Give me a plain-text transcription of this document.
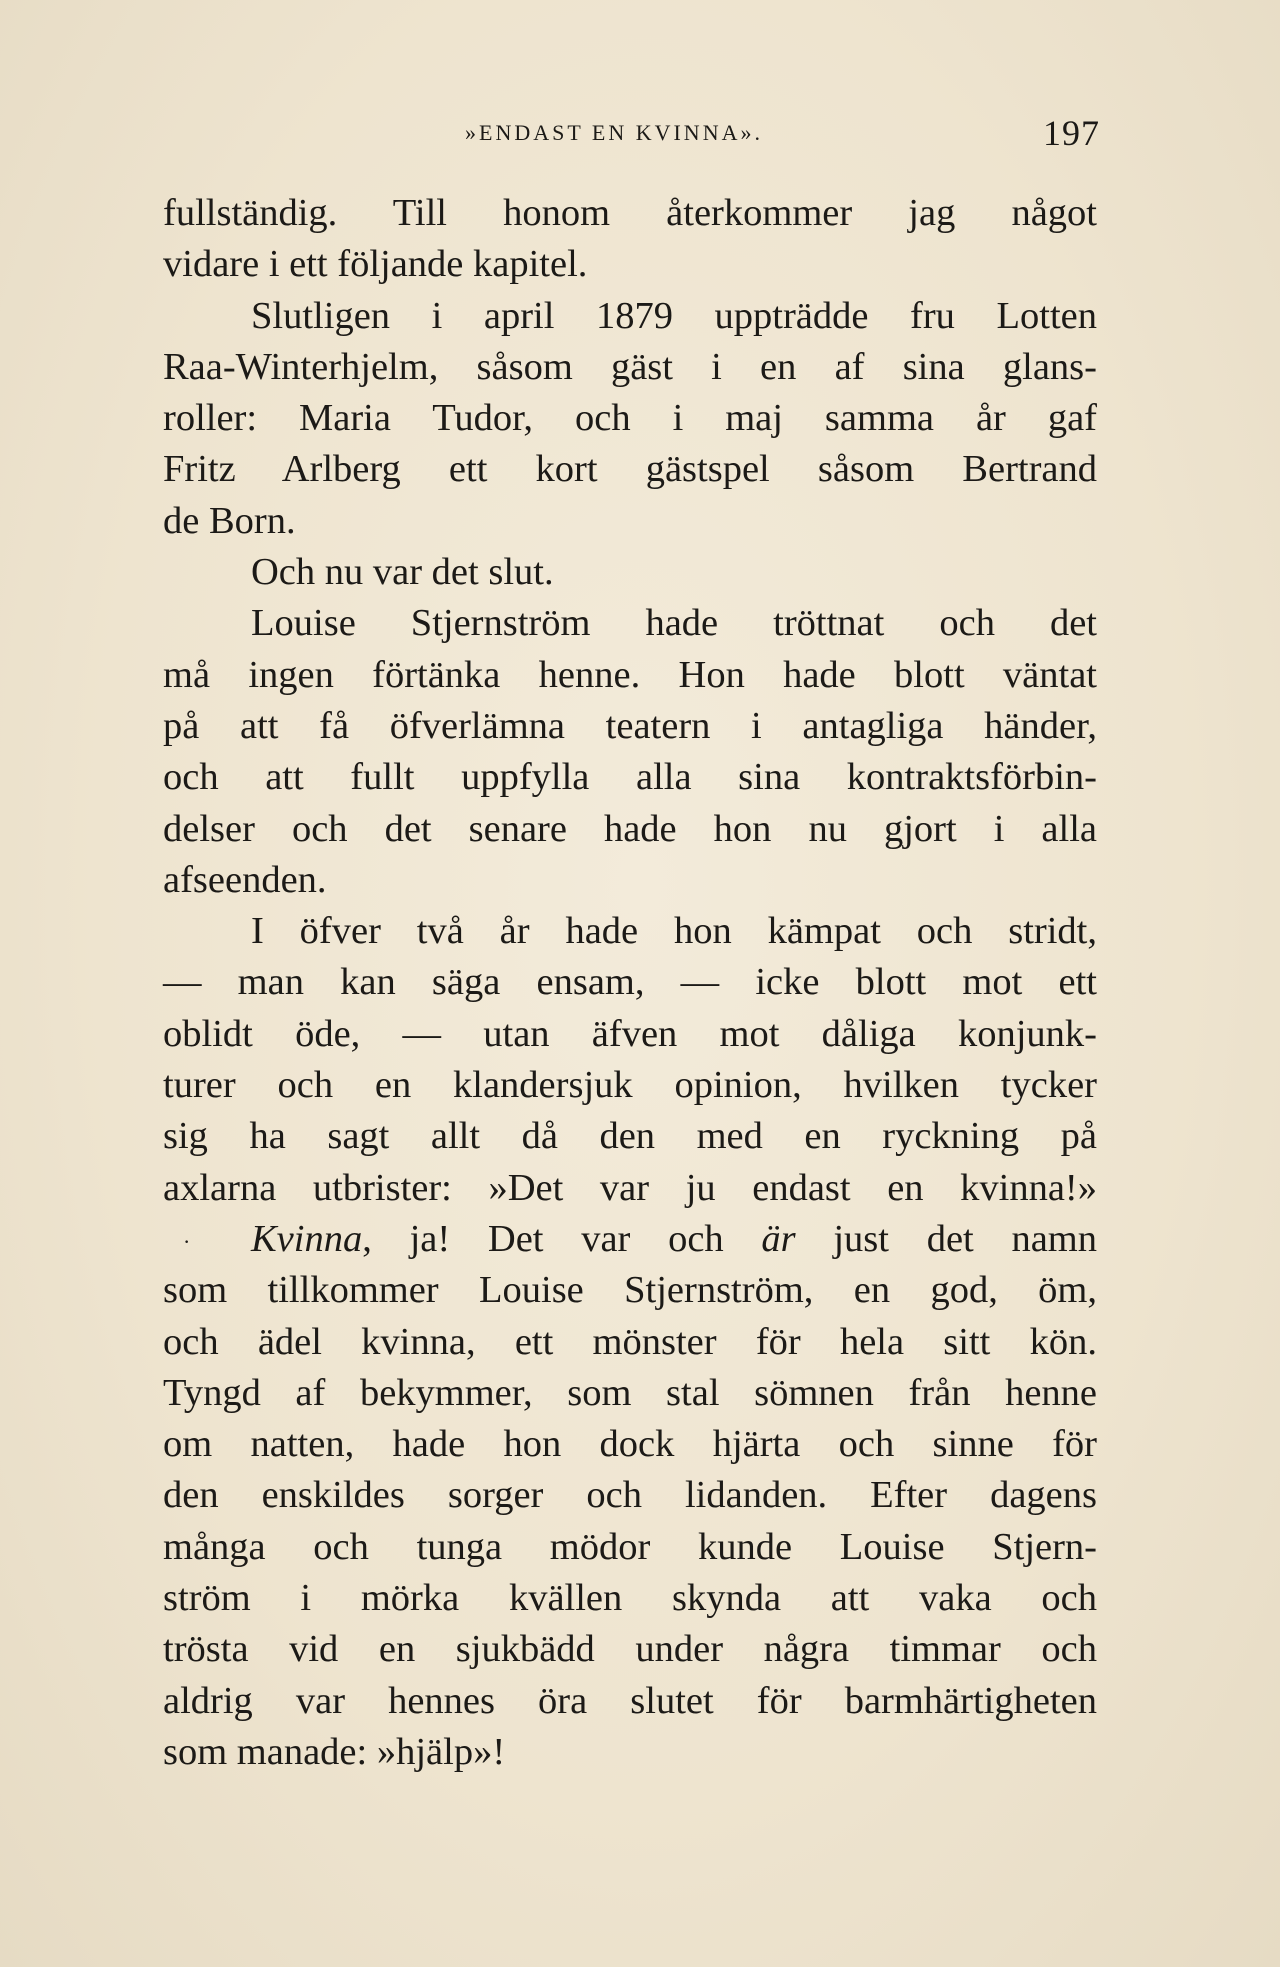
»ENDAST EN KVINNA».	197
fullständig. Till honom återkommer jag något
vidare i ett följande kapitel.
Slutligen i april 1879 uppträdde fru Lotten
Raa-Winterhjelm, såsom gäst i en af sina glans-
roller: Maria Tudor, och i maj samma år gaf
Fritz Arlberg ett kort gästspel såsom Bertrand
de Born.
Och nu var det slut.
Louise Stjernström hade tröttnat och det
må ingen förtänka henne. Hon hade blott väntat
på att få öfverlämna teatern i antagliga händer,
och att fullt uppfylla alla sina kontraktsförbin-
delser och det senare hade hon nu gjort i alla
afseenden.
I öfver två år hade hon kämpat och stridt,
— man kan säga ensam, — icke blott mot ett
oblidt öde, — utan äfven mot dåliga konjunk-
turer och en klandersjuk opinion, hvilken tycker
sig ha sagt allt då den med en ryckning på
axlarna utbrister: »Det var ju endast en kvinna!»
· Kvinna, ja! Det var och är just det namn
som tillkommer Louise Stjernström, en god, öm,
och ädel kvinna, ett mönster för hela sitt kön.
Tyngd af bekymmer, som stal sömnen från henne
om natten, hade hon dock hjärta och sinne för
den enskildes sorger och lidanden. Efter dagens
många och tunga mödor kunde Louise Stjern-
ström i mörka kvällen skynda att vaka och
trösta vid en sjukbädd under några timmar och
aldrig var hennes öra slutet för barmhärtigheten
som manade: »hjälp»!
